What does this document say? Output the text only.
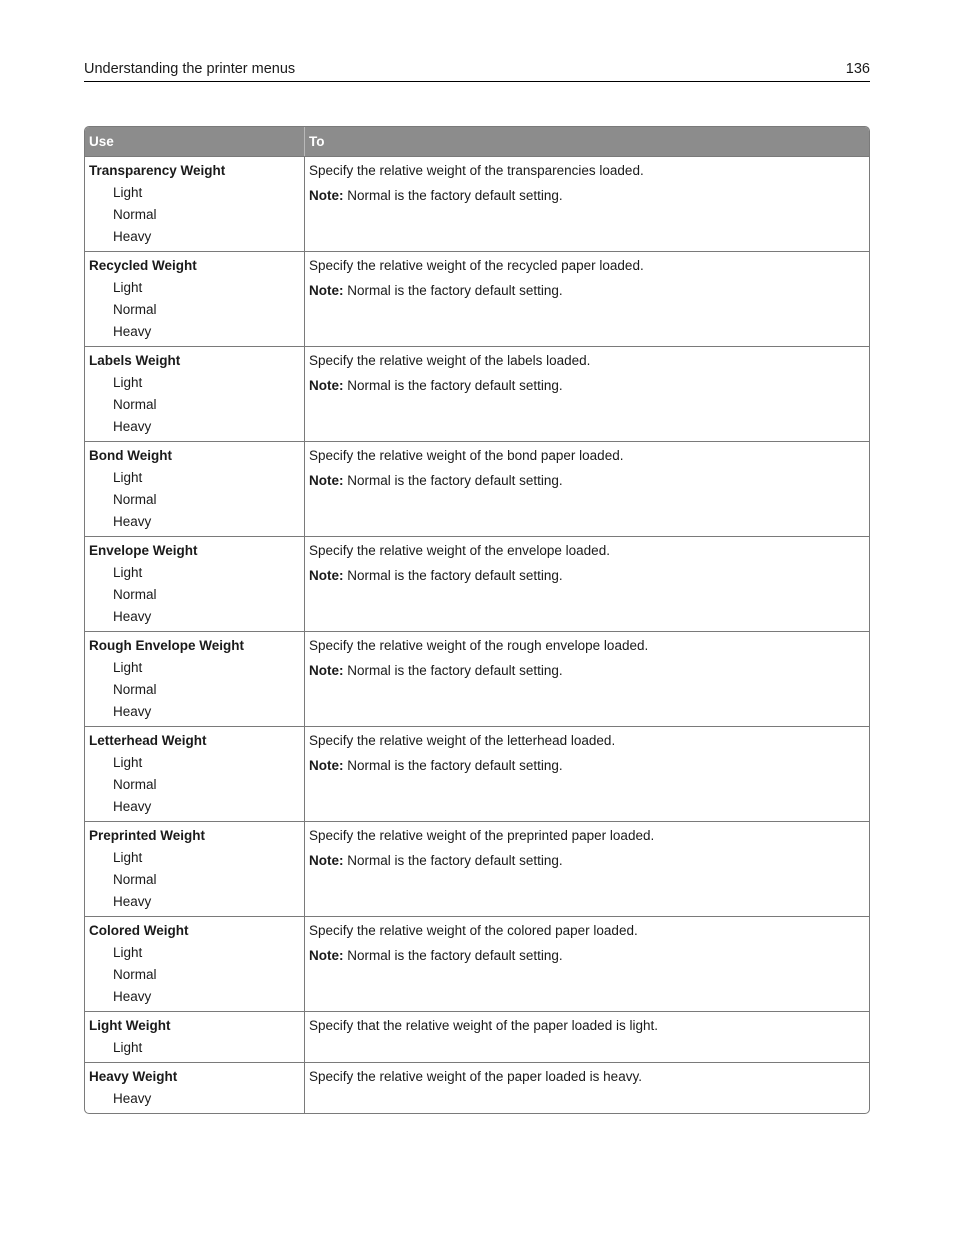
Understanding the printer menus	136
Use	To
Transparency Weight
Light
Normal
Heavy
Specify the relative weight of the transparencies loaded.
Note: Normal is the factory default setting.
Recycled Weight
Light
Normal
Heavy
Specify the relative weight of the recycled paper loaded.
Note: Normal is the factory default setting.
Labels Weight
Light
Normal
Heavy
Specify the relative weight of the labels loaded.
Note: Normal is the factory default setting.
Bond Weight
Light
Normal
Heavy
Specify the relative weight of the bond paper loaded.
Note: Normal is the factory default setting.
Envelope Weight
Light
Normal
Heavy
Specify the relative weight of the envelope loaded.
Note: Normal is the factory default setting.
Rough Envelope Weight
Light
Normal
Heavy
Specify the relative weight of the rough envelope loaded.
Note: Normal is the factory default setting.
Letterhead Weight
Light
Normal
Heavy
Specify the relative weight of the letterhead loaded.
Note: Normal is the factory default setting.
Preprinted Weight
Light
Normal
Heavy
Specify the relative weight of the preprinted paper loaded.
Note: Normal is the factory default setting.
Colored Weight
Light
Normal
Heavy
Specify the relative weight of the colored paper loaded.
Note: Normal is the factory default setting.
Light Weight
Light
Specify that the relative weight of the paper loaded is light.
Heavy Weight
Heavy
Specify the relative weight of the paper loaded is heavy.
